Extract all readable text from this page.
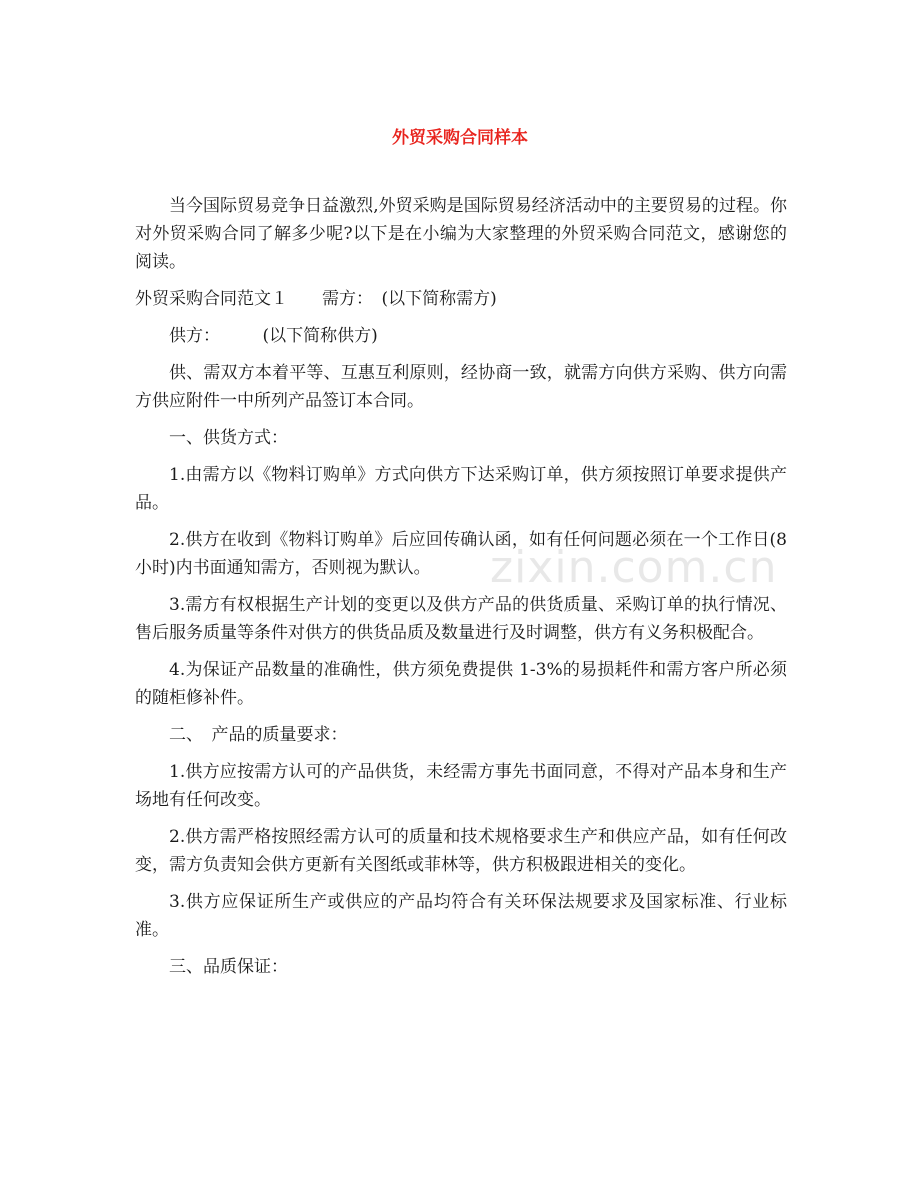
外贸采购合同样本

当今国际贸易竞争日益激烈,外贸采购是国际贸易经济活动中的主要贸易的过程。你对外贸采购合同了解多少呢?以下是在小编为大家整理的外贸采购合同范文，感谢您的阅读。

外贸采购合同范文１　　需方：　(以下简称需方)

供方：　　　(以下简称供方)

供、需双方本着平等、互惠互利原则，经协商一致，就需方向供方采购、供方向需方供应附件一中所列产品签订本合同。

一、供货方式：

1.由需方以《物料订购单》方式向供方下达采购订单，供方须按照订单要求提供产品。

2.供方在收到《物料订购单》后应回传确认函，如有任何问题必须在一个工作日(8 小时)内书面通知需方，否则视为默认。

3.需方有权根据生产计划的变更以及供方产品的供货质量、采购订单的执行情况、售后服务质量等条件对供方的供货品质及数量进行及时调整，供方有义务积极配合。

4.为保证产品数量的准确性，供方须免费提供 1-3%的易损耗件和需方客户所必须的随柜修补件。

二、　产品的质量要求：

1.供方应按需方认可的产品供货，未经需方事先书面同意，不得对产品本身和生产场地有任何改变。

2.供方需严格按照经需方认可的质量和技术规格要求生产和供应产品，如有任何改变，需方负责知会供方更新有关图纸或菲林等，供方积极跟进相关的变化。

3.供方应保证所生产或供应的产品均符合有关环保法规要求及国家标准、行业标准。

三、品质保证：

zixin.com.cn
